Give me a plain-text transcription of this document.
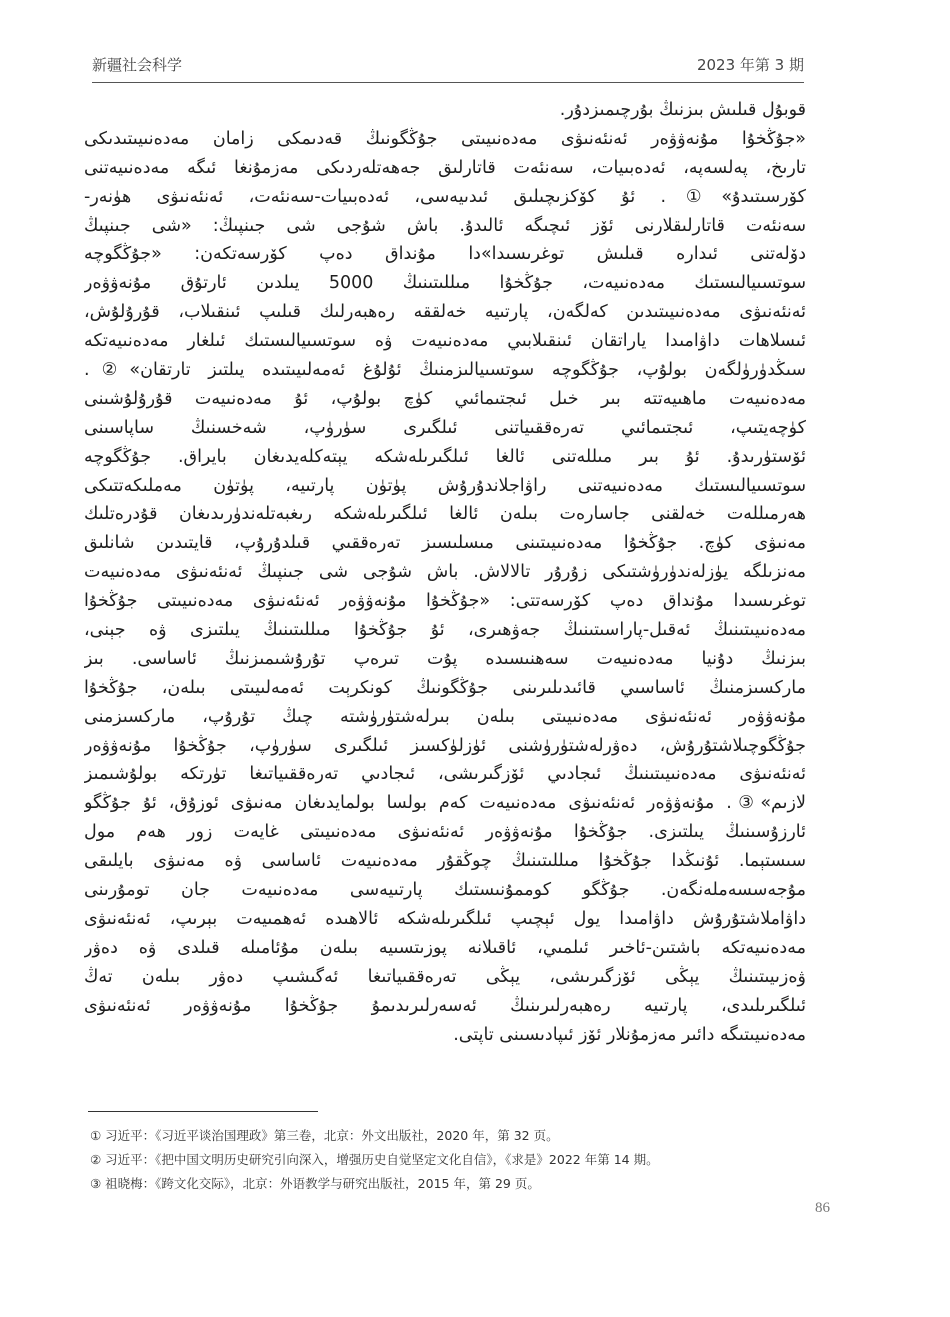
新疆社会科学	2023 年第 3 期
قوبۇل قىلىش بىزنىڭ بۇرچىمىزدۇر.
«جۇڭخۇا مۇنەۋۋەر ئەنئەنىۋى مەدەنىيىتى جۇڭگونىڭ قەدىمكى زامان مەدەنىيىتىدىكى
تارىخ، پەلسەپە، ئەدەبىيات، سەنئەت قاتارلىق جەھەتلەردىكى مەزمۇنغا ئىگە مەدەنىيەتنى
كۆرسىتىدۇ»①. ئۇ كۆكزىچىلىق ئىدىيەسى، ئەدەبىيات-سەنئەت، ئەنئەنىۋى ھۈنەر-
سەنئەت قاتارلىقلارنى ئۆز ئىچىگە ئالىدۇ. باش شۇجى شى جىنپىڭ: «شى جىنپىڭ
دۆلەتنى ئىدارە قىلىش توغرىسىدا»دا مۇنداق دەپ كۆرسەتكەن: «جۇڭگوچە
سوتسىيالىستىك مەدەنىيەت، جۇڭخۇا مىللىتىنىڭ 5000 يىلدىن ئارتۇق مۇنەۋۋەر
ئەنئەنىۋى مەدەنىيىتىدىن كەلگەن، پارتىيە خەلققە رەھبەرلىك قىلىپ ئىنقىلاب، قۇرۇلۇش،
ئىسلاھات داۋامىدا ياراتقان ئىنقىلابىي مەدەنىيەت ۋە سوتسىيالىستىك ئىلغار مەدەنىيەتكە
سىڭدۈرۈلگەن بولۇپ، جۇڭگوچە سوتسىيالىزمنىڭ ئۇلۇغ ئەمەلىيىتىدە يىلتىز تارتقان»②.
مەدەنىيەت ماھىيەتتە بىر خىل ئىجتىمائىي كۈچ بولۇپ، ئۇ مەدەنىيەت قۇرۇلۇشىنى
كۈچەيتىپ، ئىجتىمائىي تەرەققىياتنى ئىلگىرى سۈرۈپ، شەخسنىڭ ساپاسىنى
ئۆستۈرىدۇ. ئۇ بىر مىللەتنى ئالغا ئىلگىرىلەشكە يېتەكلەيدىغان بايراق. جۇڭگوچە
سوتسىيالىستىك مەدەنىيەتنى راۋاجلاندۇرۇش پۈتۈن پارتىيە، پۈتۈن مەملىكەتتىكى
ھەرمىللەت خەلقنى جاسارەت بىلەن ئالغا ئىلگىرىلەشكە رىغبەتلەندۈرىدىغان قۇدرەتلىك
مەنىۋى كۈچ. جۇڭخۇا مەدەنىيىتىنى مىسلىسىز تەرەققىي قىلدۇرۇپ، قايتىدىن شانلىق
مەنزىلگە يۈزلەندۈرۈشتىكى زۇرۇر تالالاش. باش شۇجى شى جىنپىڭ ئەنئەنىۋى مەدەنىيەت
توغرىسىدا مۇنداق دەپ كۆرسەتتى: «جۇڭخۇا مۇنەۋۋەر ئەنئەنىۋى مەدەنىيىتى جۇڭخۇا
مەدەنىيىتىنىڭ ئەقىل-پاراسىتىنىڭ جەۋھىرى، ئۇ جۇڭخۇا مىللىتىنىڭ يىلتىزى ۋە جېنى،
بىزنىڭ دۇنيا مەدەنىيەت سەھنىسىدە پۇت تىرەپ تۇرۇشىمىزنىڭ ئاساسى. بىز
ماركسىزمنىڭ ئاساسىي قائىدىلىرىنى جۇڭگونىڭ كونكرېت ئەمەلىيىتى بىلەن، جۇڭخۇا
مۇنەۋۋەر ئەنئەنىۋى مەدەنىيىتى بىلەن بىرلەشتۈرۈشتە چىڭ تۇرۇپ، ماركسىزمنى
جۇڭگوچىلاشتۇرۇش، دەۋرلەشتۈرۈشنى ئۈزلۈكسىز ئىلگىرى سۈرۈپ، جۇڭخۇا مۇنەۋۋەر
ئەنئەنىۋى مەدەنىيىتىنىڭ ئىجادىي ئۆزگىرىشى، ئىجادىي تەرەققىياتىغا تۈرتكە بولۇشىمىز
لازىم»③. مۇنەۋۋەر ئەنئەنىۋى مەدەنىيەت كەم بولسا بولمايدىغان مەنىۋى ئوزۇق، ئۇ جۇڭگو
ئارزۇسىنىڭ يىلتىزى. جۇڭخۇا مۇنەۋۋەر ئەنئەنىۋى مەدەنىيىتى غايەت زور ھەم مول
سىستېما. ئۇنىڭدا جۇڭخۇا مىللىتىنىڭ چوڭقۇر مەدەنىيەت ئاساسى ۋە مەنىۋى بايلىقى
مۇجەسسەملەنگەن. جۇڭگو كوممۇنىستىك پارتىيەسى مەدەنىيەت جان تومۇرىنى
داۋاملاشتۇرۇش داۋامىدا يول ئېچىپ ئىلگىرىلەشكە ئالاھىدە ئەھمىيەت بېرىپ، ئەنئەنىۋى
مەدەنىيەتكە باشتىن-ئاخىر ئىلمىي، ئاقىلانە پوزىتسىيە بىلەن مۇئامىلە قىلدى ۋە دەۋر
ۋەزىيىتىنىڭ يېڭى ئۆزگىرىشى، يېڭى تەرەققىياتىغا ئەگىشىپ دەۋر بىلەن تەڭ
ئىلگىرىلىدى، پارتىيە رەھبەرلىرىنىڭ ئەسەرلىرىدىمۇ جۇڭخۇا مۇنەۋۋەر ئەنئەنىۋى
مەدەنىيىتىگە دائىر مەزمۇنلار ئۆز ئىپادىسىنى تاپتى.
① 习近平：《习近平谈治国理政》第三卷，北京：外文出版社，2020 年，第 32 页。
② 习近平：《把中国文明历史研究引向深入，增强历史自觉坚定文化自信》，《求是》2022 年第 14 期。
③ 祖晓梅：《跨文化交际》，北京：外语教学与研究出版社，2015 年，第 29 页。
86
